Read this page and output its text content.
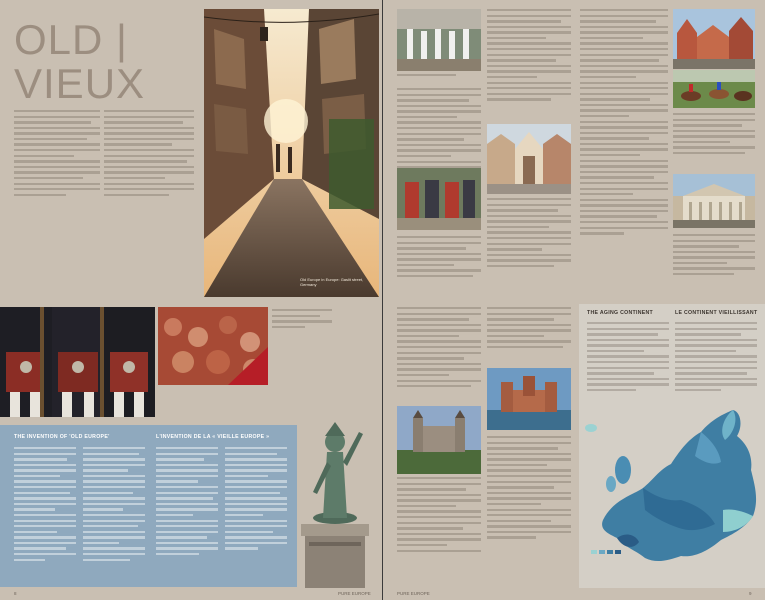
OLD |
VIEUX
Old Europe in Europe: Gaslit street, Germany
THE INVENTION OF 'OLD EUROPE'	L'INVENTION DE LA « VIEILLE EUROPE »
8	PURE EUROPE
THE AGING CONTINENT	LE CONTINENT VIEILLISSANT
PURE EUROPE	9
